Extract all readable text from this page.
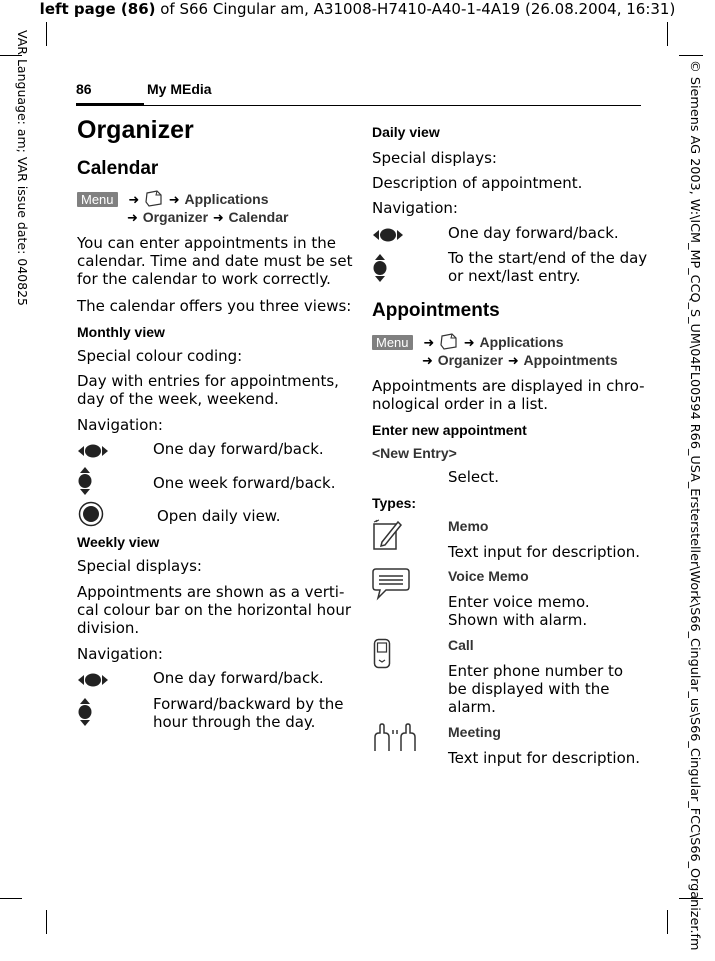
left page (86) of S66 Cingular am, A31008-H7410-A40-1-4A19 (26.08.2004, 16:31)
VAR Language: am; VAR issue date: 040825	© Siemens AG 2003, W:\ICM_MP_CCQ_S_UM\04FL00594 R66_USA_Erstersteller\Work\S66_Cingular_us\S66_Cingular_FCC\S66_Organizer.fm
86	My MEdia
Organizer
Calendar
Menu ➜ ➜ Applications
➜ Organizer ➜ Calendar
You can enter appointments in the
calendar. Time and date must be set
for the calendar to work correctly.
The calendar offers you three views:
Monthly view
Special colour coding:
Day with entries for appointments,
day of the week, weekend.
Navigation:
One day forward/back.
One week forward/back.
Open daily view.
Weekly view
Special displays:
Appointments are shown as a verti-
cal colour bar on the horizontal hour
division.
Navigation:
One day forward/back.
Forward/backward by the
hour through the day.
Daily view
Special displays:
Description of appointment.
Navigation:
One day forward/back.
To the start/end of the day
or next/last entry.
Appointments
Menu ➜ ➜ Applications
➜ Organizer ➜ Appointments
Appointments are displayed in chro-
nological order in a list.
Enter new appointment
<New Entry>
Select.
Types:
Memo
Text input for description.
Voice Memo
Enter voice memo.
Shown with alarm.
Call
Enter phone number to
be displayed with the
alarm.
Meeting
Text input for description.
